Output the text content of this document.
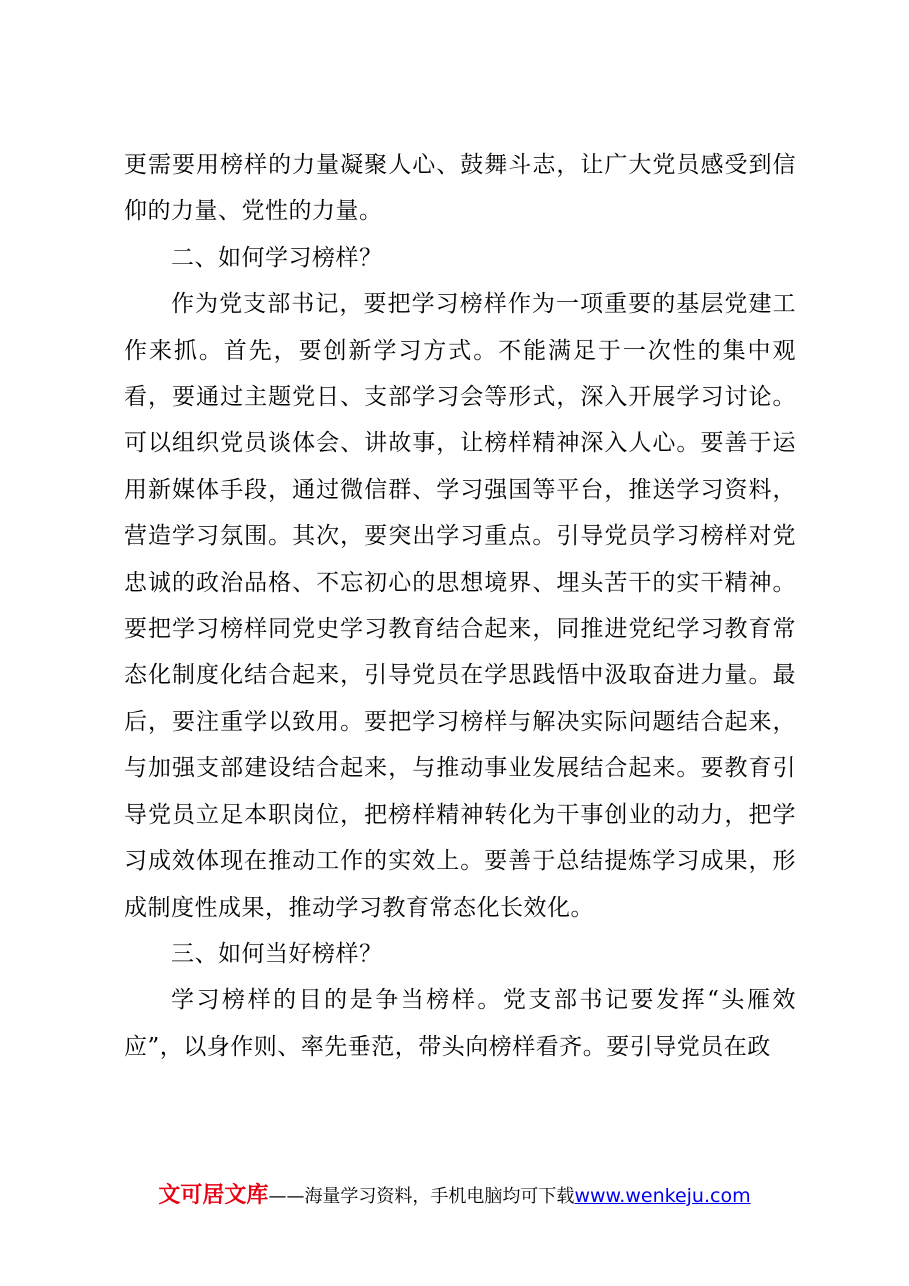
更需要用榜样的力量凝聚人心、鼓舞斗志，让广大党员感受到信仰的力量、党性的力量。

二、如何学习榜样？

作为党支部书记，要把学习榜样作为一项重要的基层党建工作来抓。首先，要创新学习方式。不能满足于一次性的集中观看，要通过主题党日、支部学习会等形式，深入开展学习讨论。可以组织党员谈体会、讲故事，让榜样精神深入人心。要善于运用新媒体手段，通过微信群、学习强国等平台，推送学习资料，营造学习氛围。其次，要突出学习重点。引导党员学习榜样对党忠诚的政治品格、不忘初心的思想境界、埋头苦干的实干精神。要把学习榜样同党史学习教育结合起来，同推进党纪学习教育常态化制度化结合起来，引导党员在学思践悟中汲取奋进力量。最后，要注重学以致用。要把学习榜样与解决实际问题结合起来，与加强支部建设结合起来，与推动事业发展结合起来。要教育引导党员立足本职岗位，把榜样精神转化为干事创业的动力，把学习成效体现在推动工作的实效上。要善于总结提炼学习成果，形成制度性成果，推动学习教育常态化长效化。

三、如何当好榜样？

学习榜样的目的是争当榜样。党支部书记要发挥“头雁效应”，以身作则、率先垂范，带头向榜样看齐。要引导党员在政

文可居文库——海量学习资料，手机电脑均可下载www.wenkeju.com
